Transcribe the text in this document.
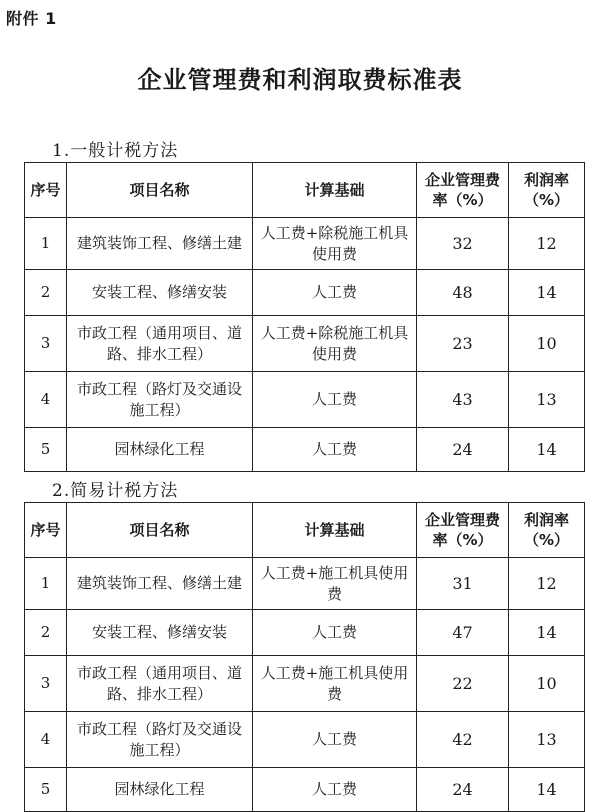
附件 1
企业管理费和利润取费标准表
1.一般计税方法
序号	项目名称	计算基础	企业管理费率（%）	利润率（%）
1	建筑装饰工程、修缮土建	人工费+除税施工机具使用费	32	12
2	安装工程、修缮安装	人工费	48	14
3	市政工程（通用项目、道路、排水工程）	人工费+除税施工机具使用费	23	10
4	市政工程（路灯及交通设施工程）	人工费	43	13
5	园林绿化工程	人工费	24	14
2.简易计税方法
序号	项目名称	计算基础	企业管理费率（%）	利润率（%）
1	建筑装饰工程、修缮土建	人工费+施工机具使用费	31	12
2	安装工程、修缮安装	人工费	47	14
3	市政工程（通用项目、道路、排水工程）	人工费+施工机具使用费	22	10
4	市政工程（路灯及交通设施工程）	人工费	42	13
5	园林绿化工程	人工费	24	14
